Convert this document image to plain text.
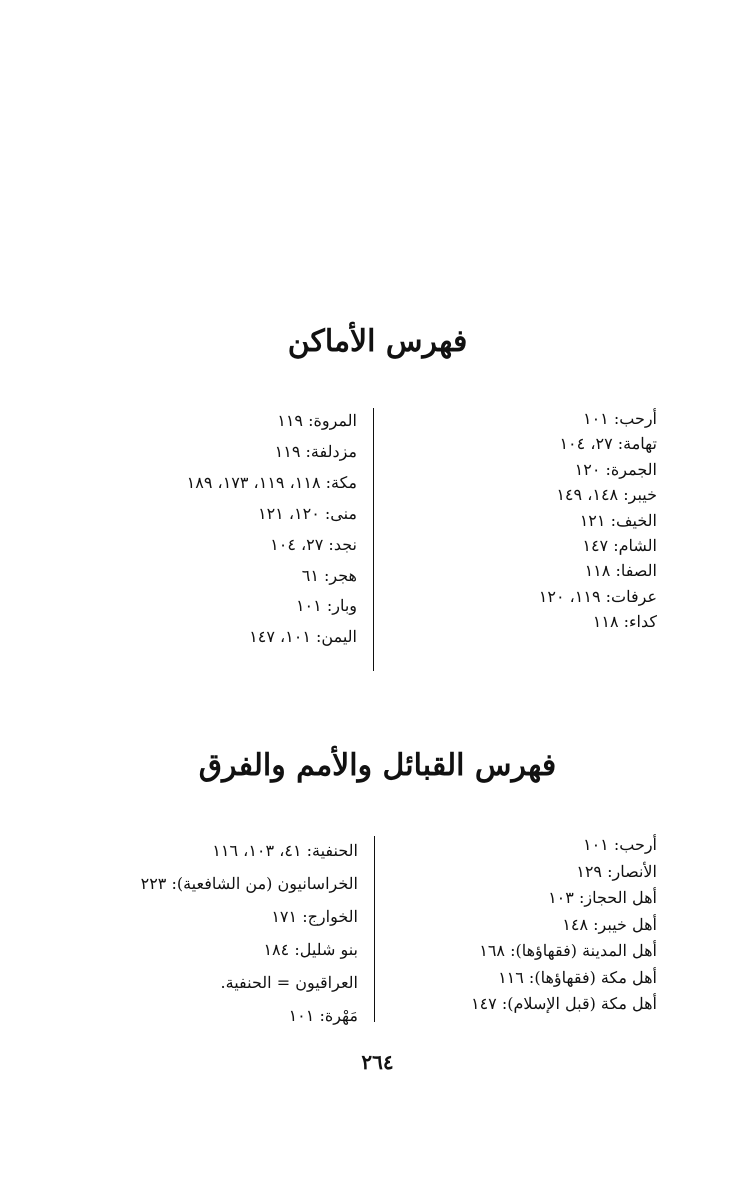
فهرس الأماكن
أرحب: ١٠١
تهامة: ٢٧، ١٠٤
الجمرة: ١٢٠
خيبر: ١٤٨، ١٤٩
الخيف: ١٢١
الشام: ١٤٧
الصفا: ١١٨
عرفات: ١١٩، ١٢٠
كداء: ١١٨
المروة: ١١٩
مزدلفة: ١١٩
مكة: ١١٨، ١١٩، ١٧٣، ١٨٩
منى: ١٢٠، ١٢١
نجد: ٢٧، ١٠٤
هجر: ٦١
وبار: ١٠١
اليمن: ١٠١، ١٤٧
فهرس القبائل والأمم والفرق
أرحب: ١٠١
الأنصار: ١٢٩
أهل الحجاز: ١٠٣
أهل خيبر: ١٤٨
أهل المدينة (فقهاؤها): ١٦٨
أهل مكة (فقهاؤها): ١١٦
أهل مكة (قبل الإسلام): ١٤٧
الحنفية: ٤١، ١٠٣، ١١٦
الخراسانيون (من الشافعية): ٢٢٣
الخوارج: ١٧١
بنو شليل: ١٨٤
العراقيون = الحنفية.
مَهْرة: ١٠١
٢٦٤
